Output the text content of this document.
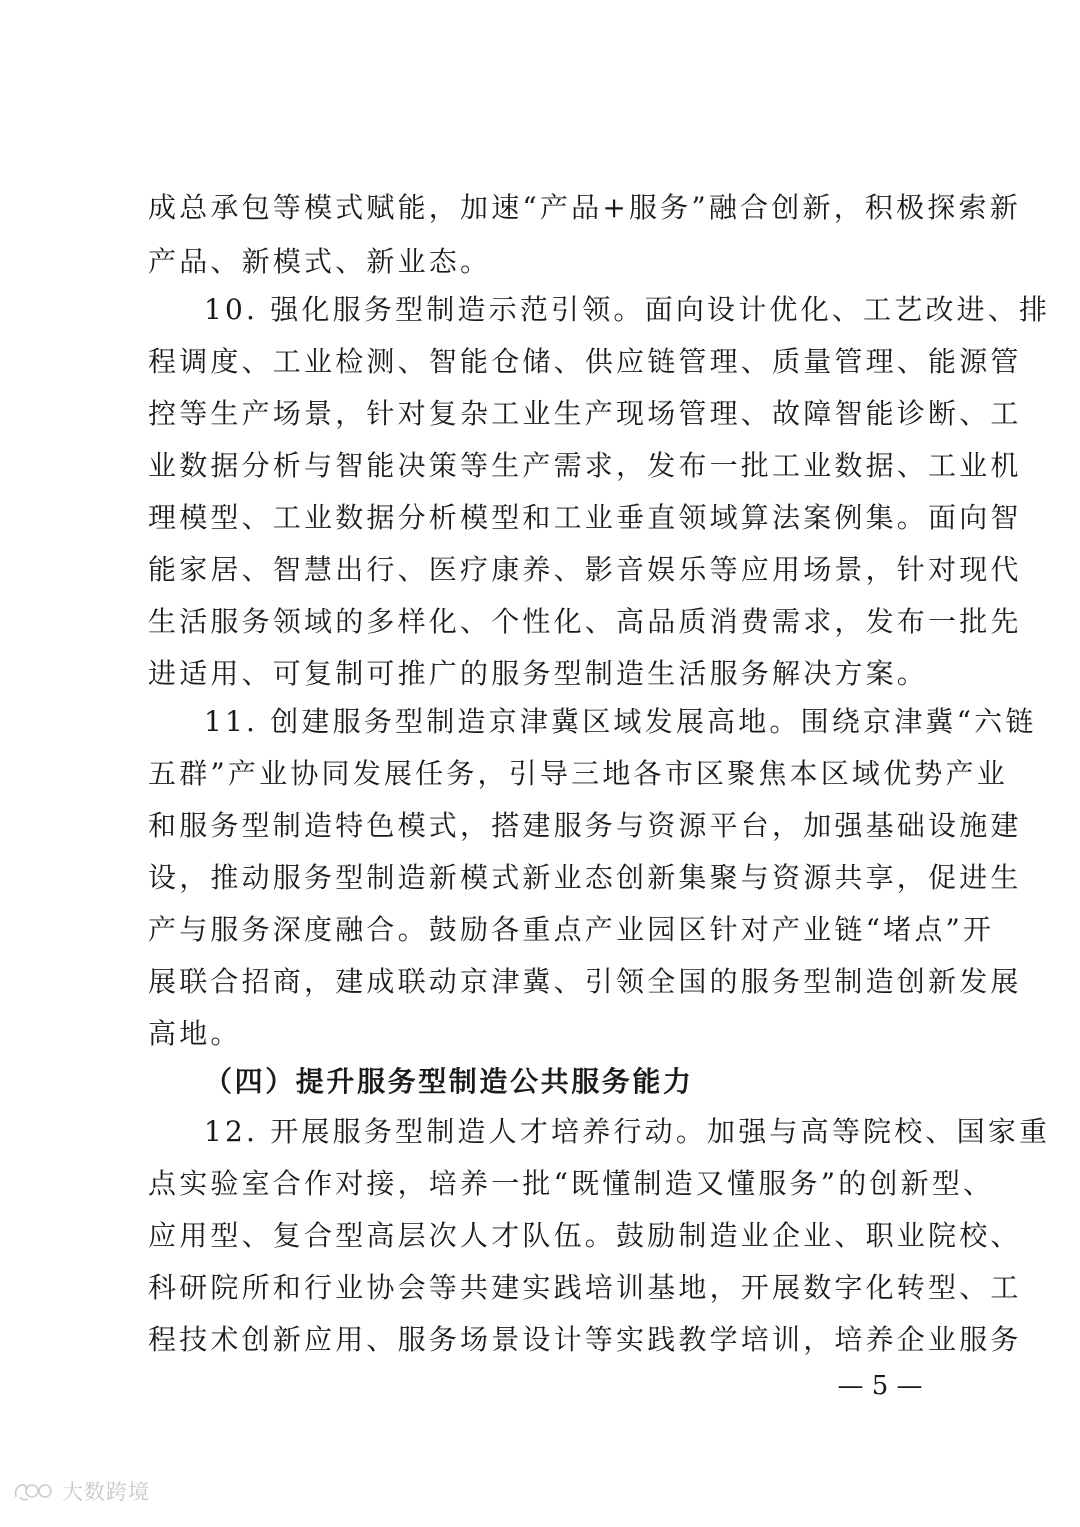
成总承包等模式赋能，加速“产品+服务”融合创新，积极探索新
产品、新模式、新业态。
10. 强化服务型制造示范引领。面向设计优化、工艺改进、排
程调度、工业检测、智能仓储、供应链管理、质量管理、能源管
控等生产场景，针对复杂工业生产现场管理、故障智能诊断、工
业数据分析与智能决策等生产需求，发布一批工业数据、工业机
理模型、工业数据分析模型和工业垂直领域算法案例集。面向智
能家居、智慧出行、医疗康养、影音娱乐等应用场景，针对现代
生活服务领域的多样化、个性化、高品质消费需求，发布一批先
进适用、可复制可推广的服务型制造生活服务解决方案。
11. 创建服务型制造京津冀区域发展高地。围绕京津冀“六链
五群”产业协同发展任务，引导三地各市区聚焦本区域优势产业
和服务型制造特色模式，搭建服务与资源平台，加强基础设施建
设，推动服务型制造新模式新业态创新集聚与资源共享，促进生
产与服务深度融合。鼓励各重点产业园区针对产业链“堵点”开
展联合招商，建成联动京津冀、引领全国的服务型制造创新发展
高地。
（四）提升服务型制造公共服务能力
12. 开展服务型制造人才培养行动。加强与高等院校、国家重
点实验室合作对接，培养一批“既懂制造又懂服务”的创新型、
应用型、复合型高层次人才队伍。鼓励制造业企业、职业院校、
科研院所和行业协会等共建实践培训基地，开展数字化转型、工
程技术创新应用、服务场景设计等实践教学培训，培养企业服务
— 5 —
大数跨境
